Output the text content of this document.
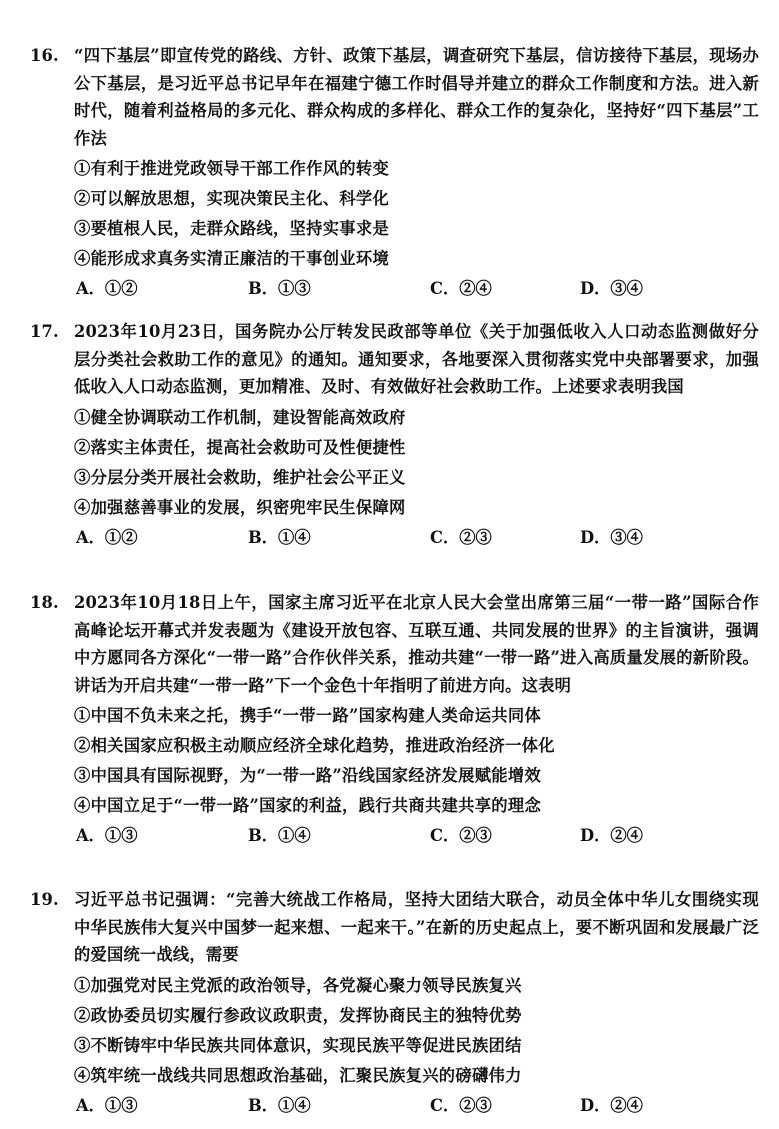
16. “四下基层”即宣传党的路线、方针、政策下基层，调查研究下基层，信访接待下基层，现场办公下基层，是习近平总书记早年在福建宁德工作时倡导并建立的群众工作制度和方法。进入新时代，随着利益格局的多元化、群众构成的多样化、群众工作的复杂化，坚持好“四下基层”工作法
①有利于推进党政领导干部工作作风的转变
②可以解放思想，实现决策民主化、科学化
③要植根人民，走群众路线，坚持实事求是
④能形成求真务实清正廉洁的干事创业环境
A．①②	B．①③	C．②④	D．③④
17. 2023年10月23日，国务院办公厅转发民政部等单位《关于加强低收入人口动态监测做好分层分类社会救助工作的意见》的通知。通知要求，各地要深入贯彻落实党中央部署要求，加强低收入人口动态监测，更加精准、及时、有效做好社会救助工作。上述要求表明我国
①健全协调联动工作机制，建设智能高效政府
②落实主体责任，提高社会救助可及性便捷性
③分层分类开展社会救助，维护社会公平正义
④加强慈善事业的发展，织密兜牢民生保障网
A．①②	B．①④	C．②③	D．③④
18. 2023年10月18日上午，国家主席习近平在北京人民大会堂出席第三届“一带一路”国际合作高峰论坛开幕式并发表题为《建设开放包容、互联互通、共同发展的世界》的主旨演讲，强调中方愿同各方深化“一带一路”合作伙伴关系，推动共建“一带一路”进入高质量发展的新阶段。讲话为开启共建“一带一路”下一个金色十年指明了前进方向。这表明
①中国不负未来之托，携手“一带一路”国家构建人类命运共同体
②相关国家应积极主动顺应经济全球化趋势，推进政治经济一体化
③中国具有国际视野，为“一带一路”沿线国家经济发展赋能增效
④中国立足于“一带一路”国家的利益，践行共商共建共享的理念
A．①③	B．①④	C．②③	D．②④
19. 习近平总书记强调：“完善大统战工作格局，坚持大团结大联合，动员全体中华儿女围绕实现中华民族伟大复兴中国梦一起来想、一起来干。”在新的历史起点上，要不断巩固和发展最广泛的爱国统一战线，需要
①加强党对民主党派的政治领导，各党凝心聚力领导民族复兴
②政协委员切实履行参政议政职责，发挥协商民主的独特优势
③不断铸牢中华民族共同体意识，实现民族平等促进民族团结
④筑牢统一战线共同思想政治基础，汇聚民族复兴的磅礴伟力
A．①③	B．①④	C．②③	D．②④
